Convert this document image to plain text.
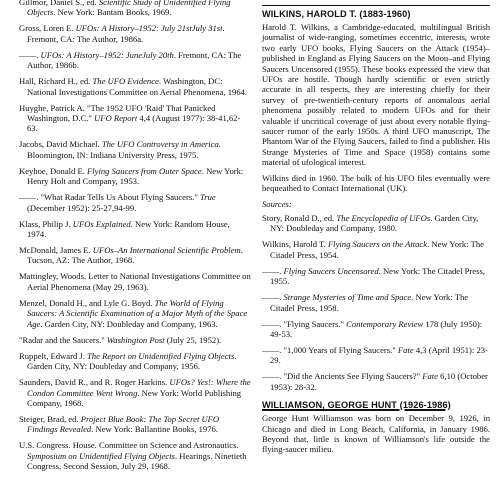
Gillmor, Daniel S., ed. Scientific Study of Unidentified Flying Objects. New York: Bantam Books, 1969.
Gross, Loren E. UFOs: A History–1952: July 21stJuly 31st. Fremont, CA: The Author, 1986a.
——. UFOs: A History–1952: JuneJuly 20th. Fremont, CA: The Author, 1986b.
Hall, Richard H., ed. The UFO Evidence. Washington, DC: National Investigations Committee on Aerial Phenomena, 1964.
Huyghe, Patrick A. "The 1952 UFO 'Raid' That Panicked Washington, D.C." UFO Report 4,4 (August 1977): 38-41,62-63.
Jacobs, David Michael. The UFO Controversy in America. Bloomington, IN: Indiana University Press, 1975.
Keyhoe, Donald E. Flying Saucers from Outer Space. New York: Henry Holt and Company, 1953.
——. "What Radar Tells Us About Flying Saucers." True (December 1952): 25-27,94-99.
Klass, Philip J. UFOs Explained. New York: Random House, 1974.
McDonald, James E. UFOs–An International Scientific Problem. Tucson, AZ: The Author, 1968.
Mattingley, Woods. Letter to National Investigations Committee on Aerial Phenomena (May 29, 1963).
Menzel, Donald H., and Lyle G. Boyd. The World of Flying Saucers: A Scientific Examination of a Major Myth of the Space Age. Garden City, NY: Doubleday and Company, 1963.
"Radar and the Saucers." Washington Post (July 25, 1952).
Ruppelt, Edward J. The Report on Unidentified Flying Objects. Garden City, NY: Doubleday and Company, 1956.
Saunders, David R., and R. Roger Harkins. UFOs? Yes!: Where the Condon Committee Went Wrong. New York: World Publishing Company, 1968.
Steiger, Brad, ed. Project Blue Book: The Top Secret UFO Findings Revealed. New York: Ballantine Books, 1976.
U.S. Congress. House. Committee on Science and Astronautics. Symposium on Unidentified Flying Objects. Hearings. Ninetieth Congress, Second Session, July 29, 1968.
WILKINS, HAROLD T. (1883-1960)

Harold T. Wilkins, a Cambridge-educated, multilingual British journalist of wide-ranging, sometimes eccentric, interests, wrote two early UFO books, Flying Saucers on the Attack (1954)–published in England as Flying Saucers on the Moon–and Flying Saucers Uncensored (1955). These books expressed the view that UFOs are hostile. Though hardly scientific or even strictly accurate in all respects, they are interesting chiefly for their survey of pre-twentieth-century reports of anomalous aerial phenomena possibly related to modern UFOs and for their valuable if uncritical coverage of just about every notable flying-saucer rumor of the early 1950s. A third UFO manuscript, The Phantom War of the Flying Saucers, failed to find a publisher. His Strange Mysteries of Time and Space (1958) contains some material of ufological interest.

Wilkins died in 1960. The bulk of his UFO files eventually were bequeathed to Contact International (UK).

Sources:
Story, Ronald D., ed. The Encyclopedia of UFOs. Garden City, NY: Doubleday and Company, 1980.
Wilkins, Harold T. Flying Saucers on the Attack. New York: The Citadel Press, 1954.
——. Flying Saucers Uncensored. New York: The Citadel Press, 1955.
——. Strange Mysteries of Time and Space. New York: The Citadel Press, 1958.
——. "Flying Saucers." Contemporary Review 178 (July 1950): 49-53.
——. "1,000 Years of Flying Saucers." Fate 4,3 (April 1951): 23-29.
——. "Did the Ancients See Flying Saucers?" Fate 6,10 (October 1953): 28-32.
WILLIAMSON, GEORGE HUNT (1926-1986)

George Hunt Williamson was born on December 9, 1926, in Chicago and died in Long Beach, California, in January 1986. Beyond that, little is known of Williamson's life outside the flying-saucer milieu.
